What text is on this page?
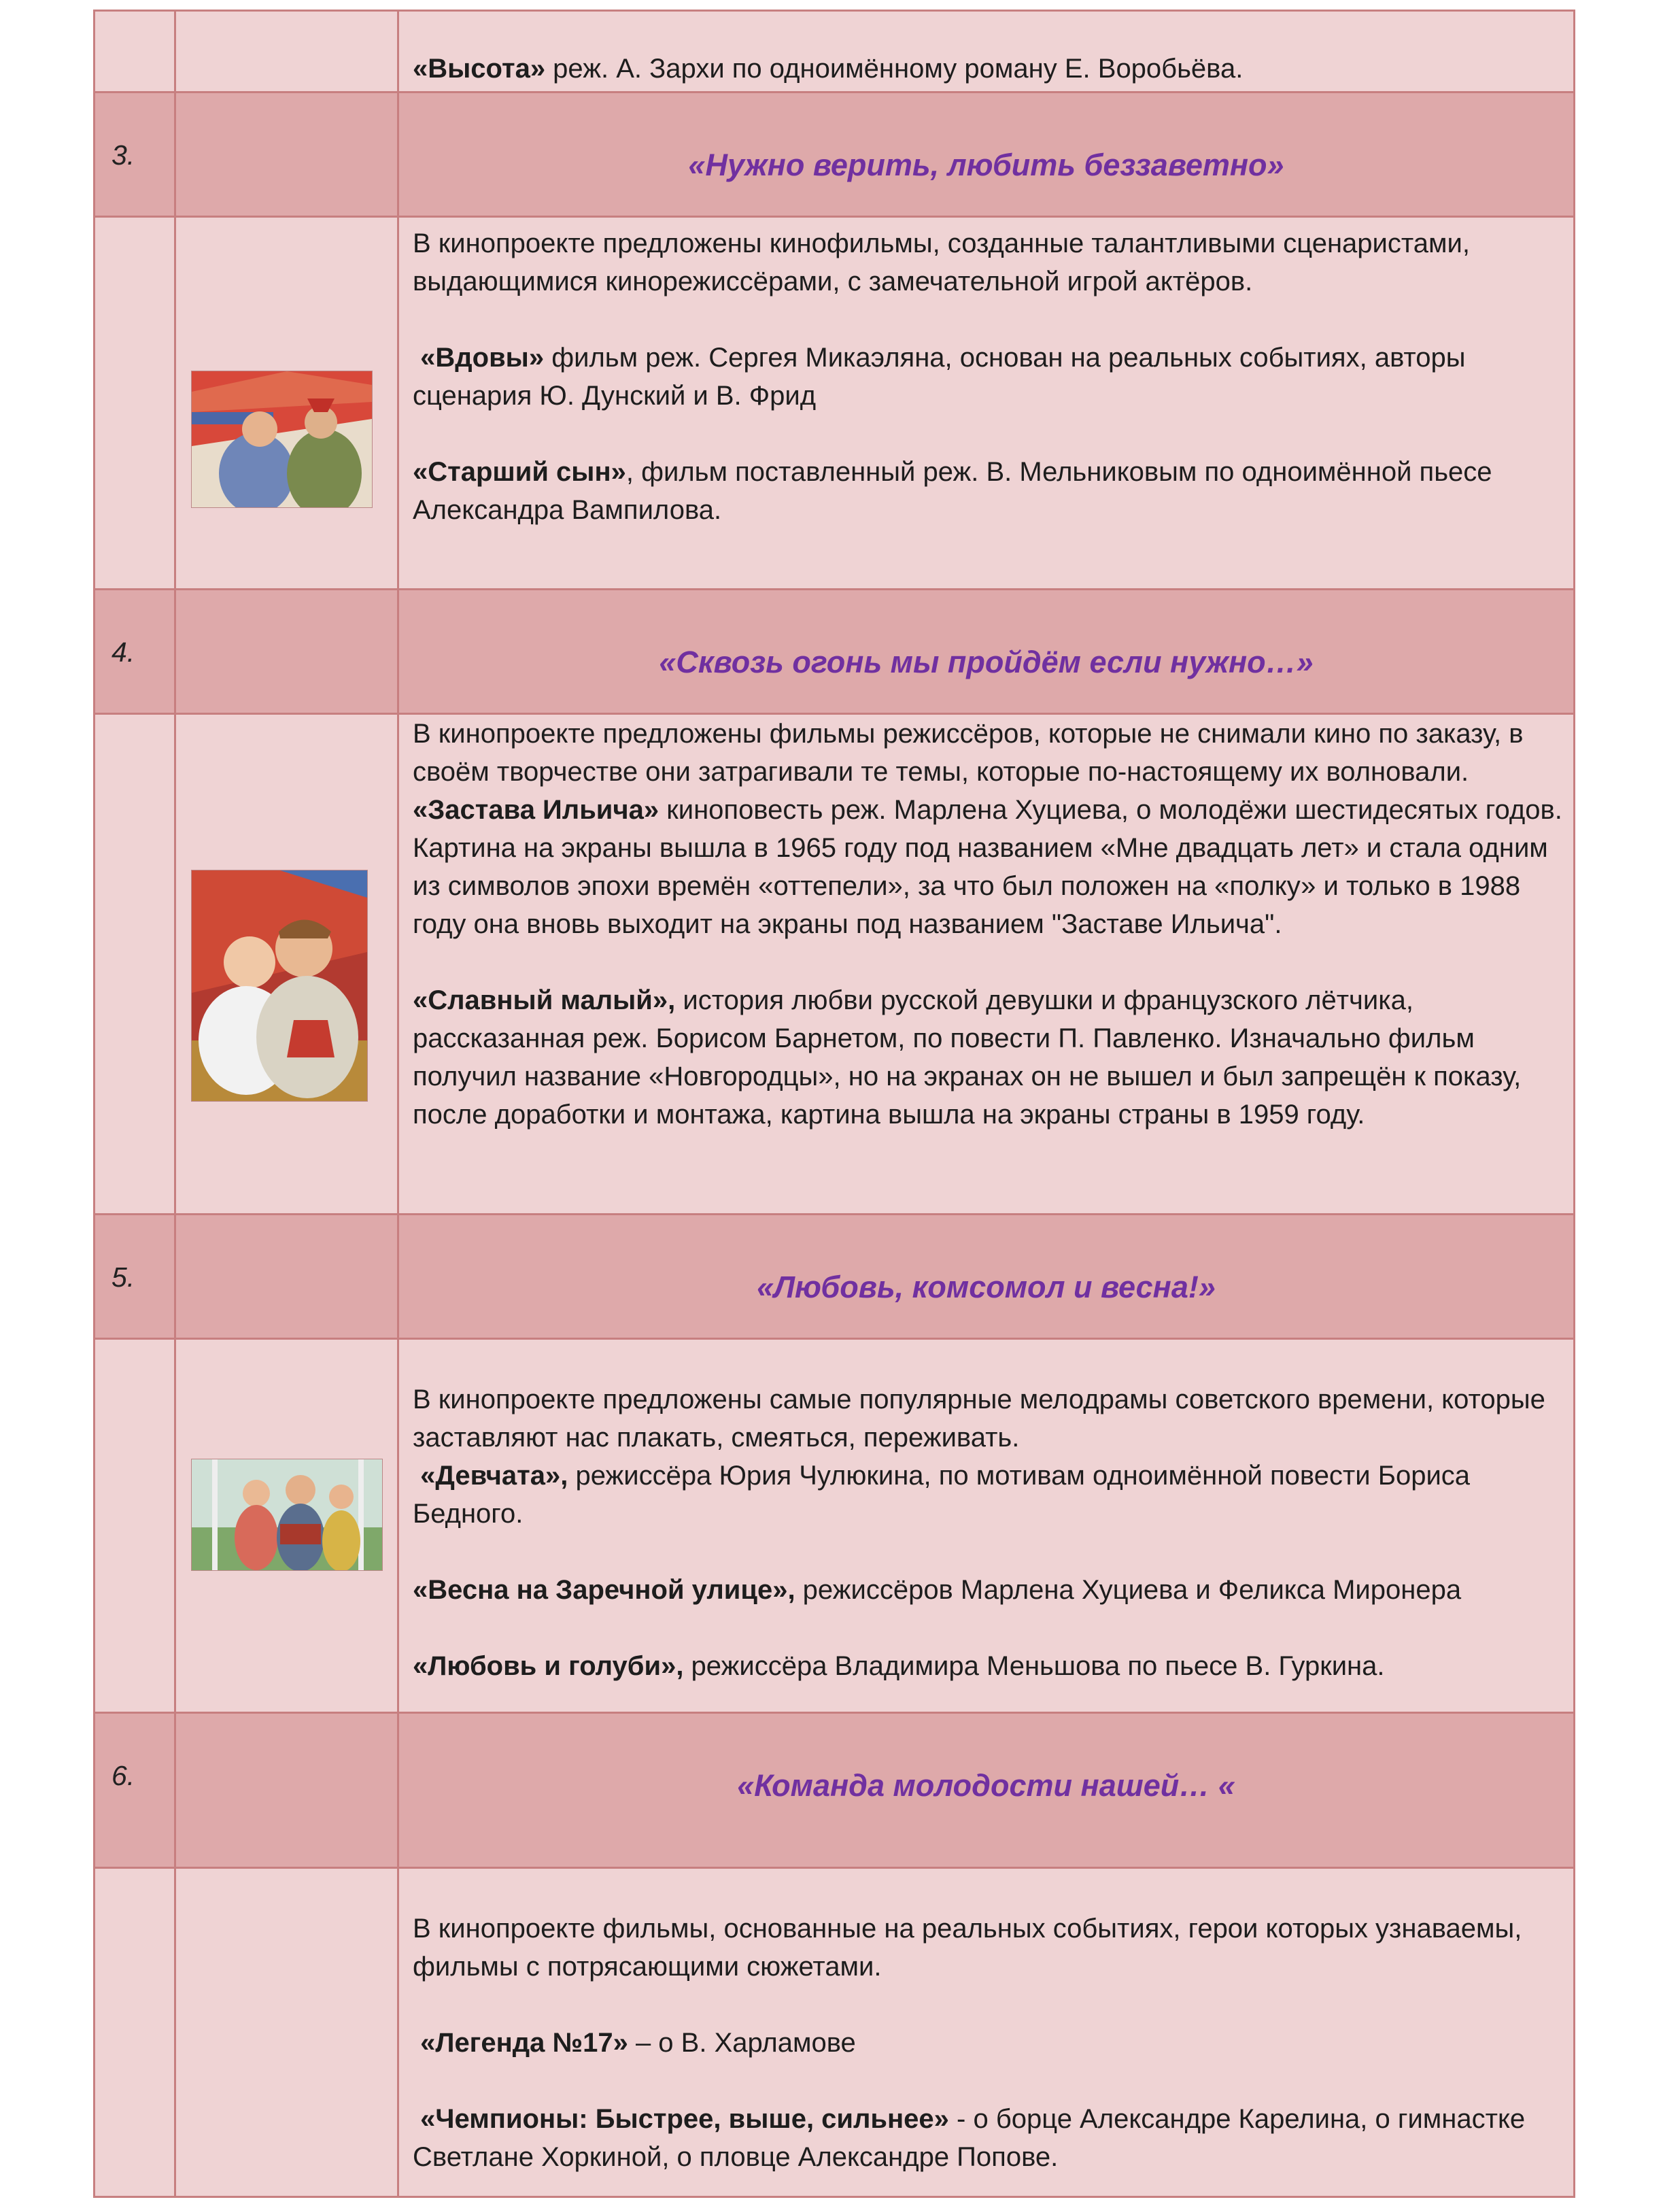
«Высота» реж. А. Зархи по одноимённому роману Е. Воробьёва.

3.	«Нужно верить, любить беззаветно»

В кинопроекте предложены кинофильмы, созданные талантливыми сценаристами, выдающимися кинорежиссёрами, с замечательной игрой актёров.

«Вдовы» фильм реж. Сергея Микаэляна, основан на реальных событиях, авторы сценария Ю. Дунский и В. Фрид

«Старший сын», фильм поставленный реж. В. Мельниковым по одноимённой пьесе Александра Вампилова.

4.	«Сквозь огонь мы пройдём если нужно…»

В кинопроекте предложены фильмы режиссёров, которые не снимали кино по заказу, в своём творчестве они затрагивали те темы, которые по-настоящему их волновали.

«Застава Ильича» киноповесть реж. Марлена Хуциева, о молодёжи шестидесятых годов. Картина на экраны вышла в 1965 году под названием «Мне двадцать лет» и стала одним из символов эпохи времён «оттепели», за что был положен на «полку» и только в 1988 году она вновь выходит на экраны под названием "Заставе Ильича".

«Славный малый», история любви русской девушки и французского лётчика, рассказанная реж. Борисом Барнетом, по повести П. Павленко. Изначально фильм получил название «Новгородцы», но на экранах он не вышел и был запрещён к показу, после доработки и монтажа, картина вышла на экраны страны в 1959 году.

5.	«Любовь, комсомол и весна!»

В кинопроекте предложены самые популярные мелодрамы советского времени, которые заставляют нас плакать, смеяться, переживать.

«Девчата», режиссёра Юрия Чулюкина, по мотивам одноимённой повести Бориса Бедного.

«Весна на Заречной улице», режиссёров Марлена Хуциева и Феликса Миронера

«Любовь и голуби», режиссёра Владимира Меньшова по пьесе В. Гуркина.

6.	«Команда молодости нашей… «

В кинопроекте фильмы, основанные на реальных событиях, герои которых узнаваемы, фильмы с потрясающими сюжетами.

«Легенда №17» – о В. Харламове

«Чемпионы: Быстрее, выше, сильнее» - о борце Александре Карелина, о гимнастке Светлане Хоркиной, о пловце Александре Попове.
